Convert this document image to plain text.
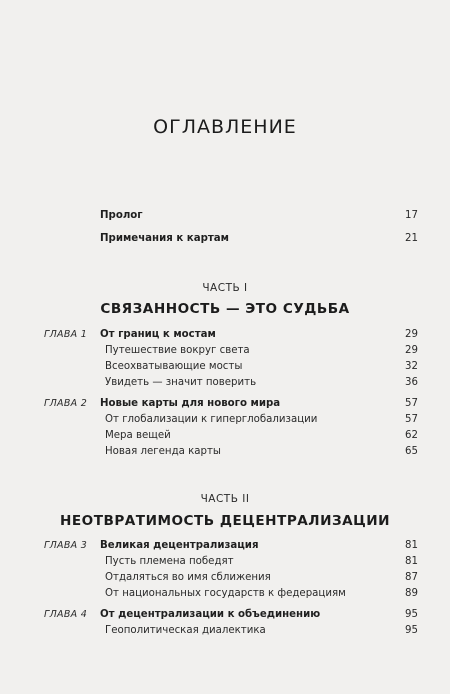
ОГЛАВЛЕНИЕ
Пролог	17
Примечания к картам	21
ЧАСТЬ I
СВЯЗАННОСТЬ — ЭТО СУДЬБА
ГЛАВА 1 От границ к мостам	29
Путешествие вокруг света	29
Всеохватывающие мосты	32
Увидеть — значит поверить	36
ГЛАВА 2 Новые карты для нового мира	57
От глобализации к гиперглобализации	57
Мера вещей	62
Новая легенда карты	65
ЧАСТЬ II
НЕОТВРАТИМОСТЬ ДЕЦЕНТРАЛИЗАЦИИ
ГЛАВА 3 Великая децентрализация	81
Пусть племена победят	81
Отдаляться во имя сближения	87
От национальных государств к федерациям	89
ГЛАВА 4 От децентрализации к объединению	95
Геополитическая диалектика	95
